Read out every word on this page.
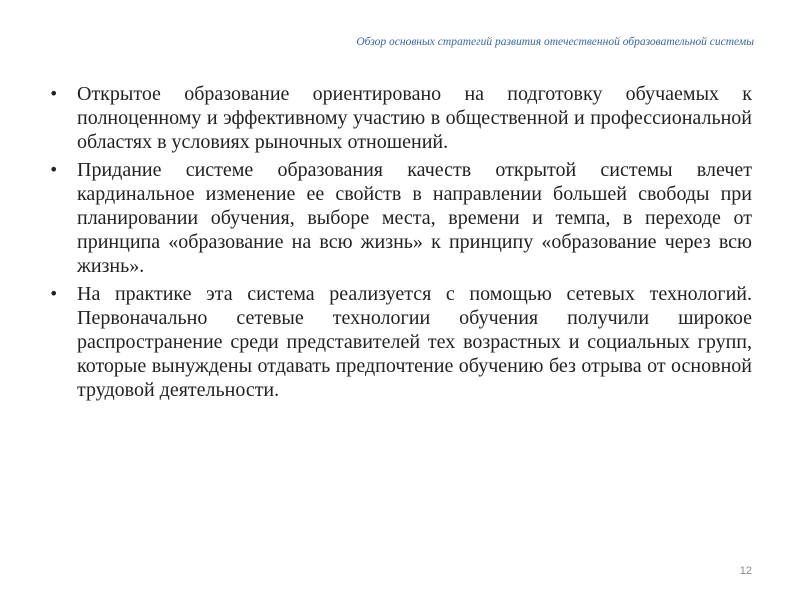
Обзор основных стратегий развития отечественной образовательной системы
• Открытое образование ориентировано на подготовку обучаемых к полноценному и эффективному участию в общественной и профессиональной областях в условиях рыночных отношений.
• Придание системе образования качеств открытой системы влечет кардинальное изменение ее свойств в направлении большей свободы при планировании обучения, выборе места, времени и темпа, в переходе от принципа «образование на всю жизнь» к принципу «образование через всю жизнь».
• На практике эта система реализуется с помощью сетевых технологий. Первоначально сетевые технологии обучения получили широкое распространение среди представителей тех возрастных и социальных групп, которые вынуждены отдавать предпочтение обучению без отрыва от основной трудовой деятельности.
12
